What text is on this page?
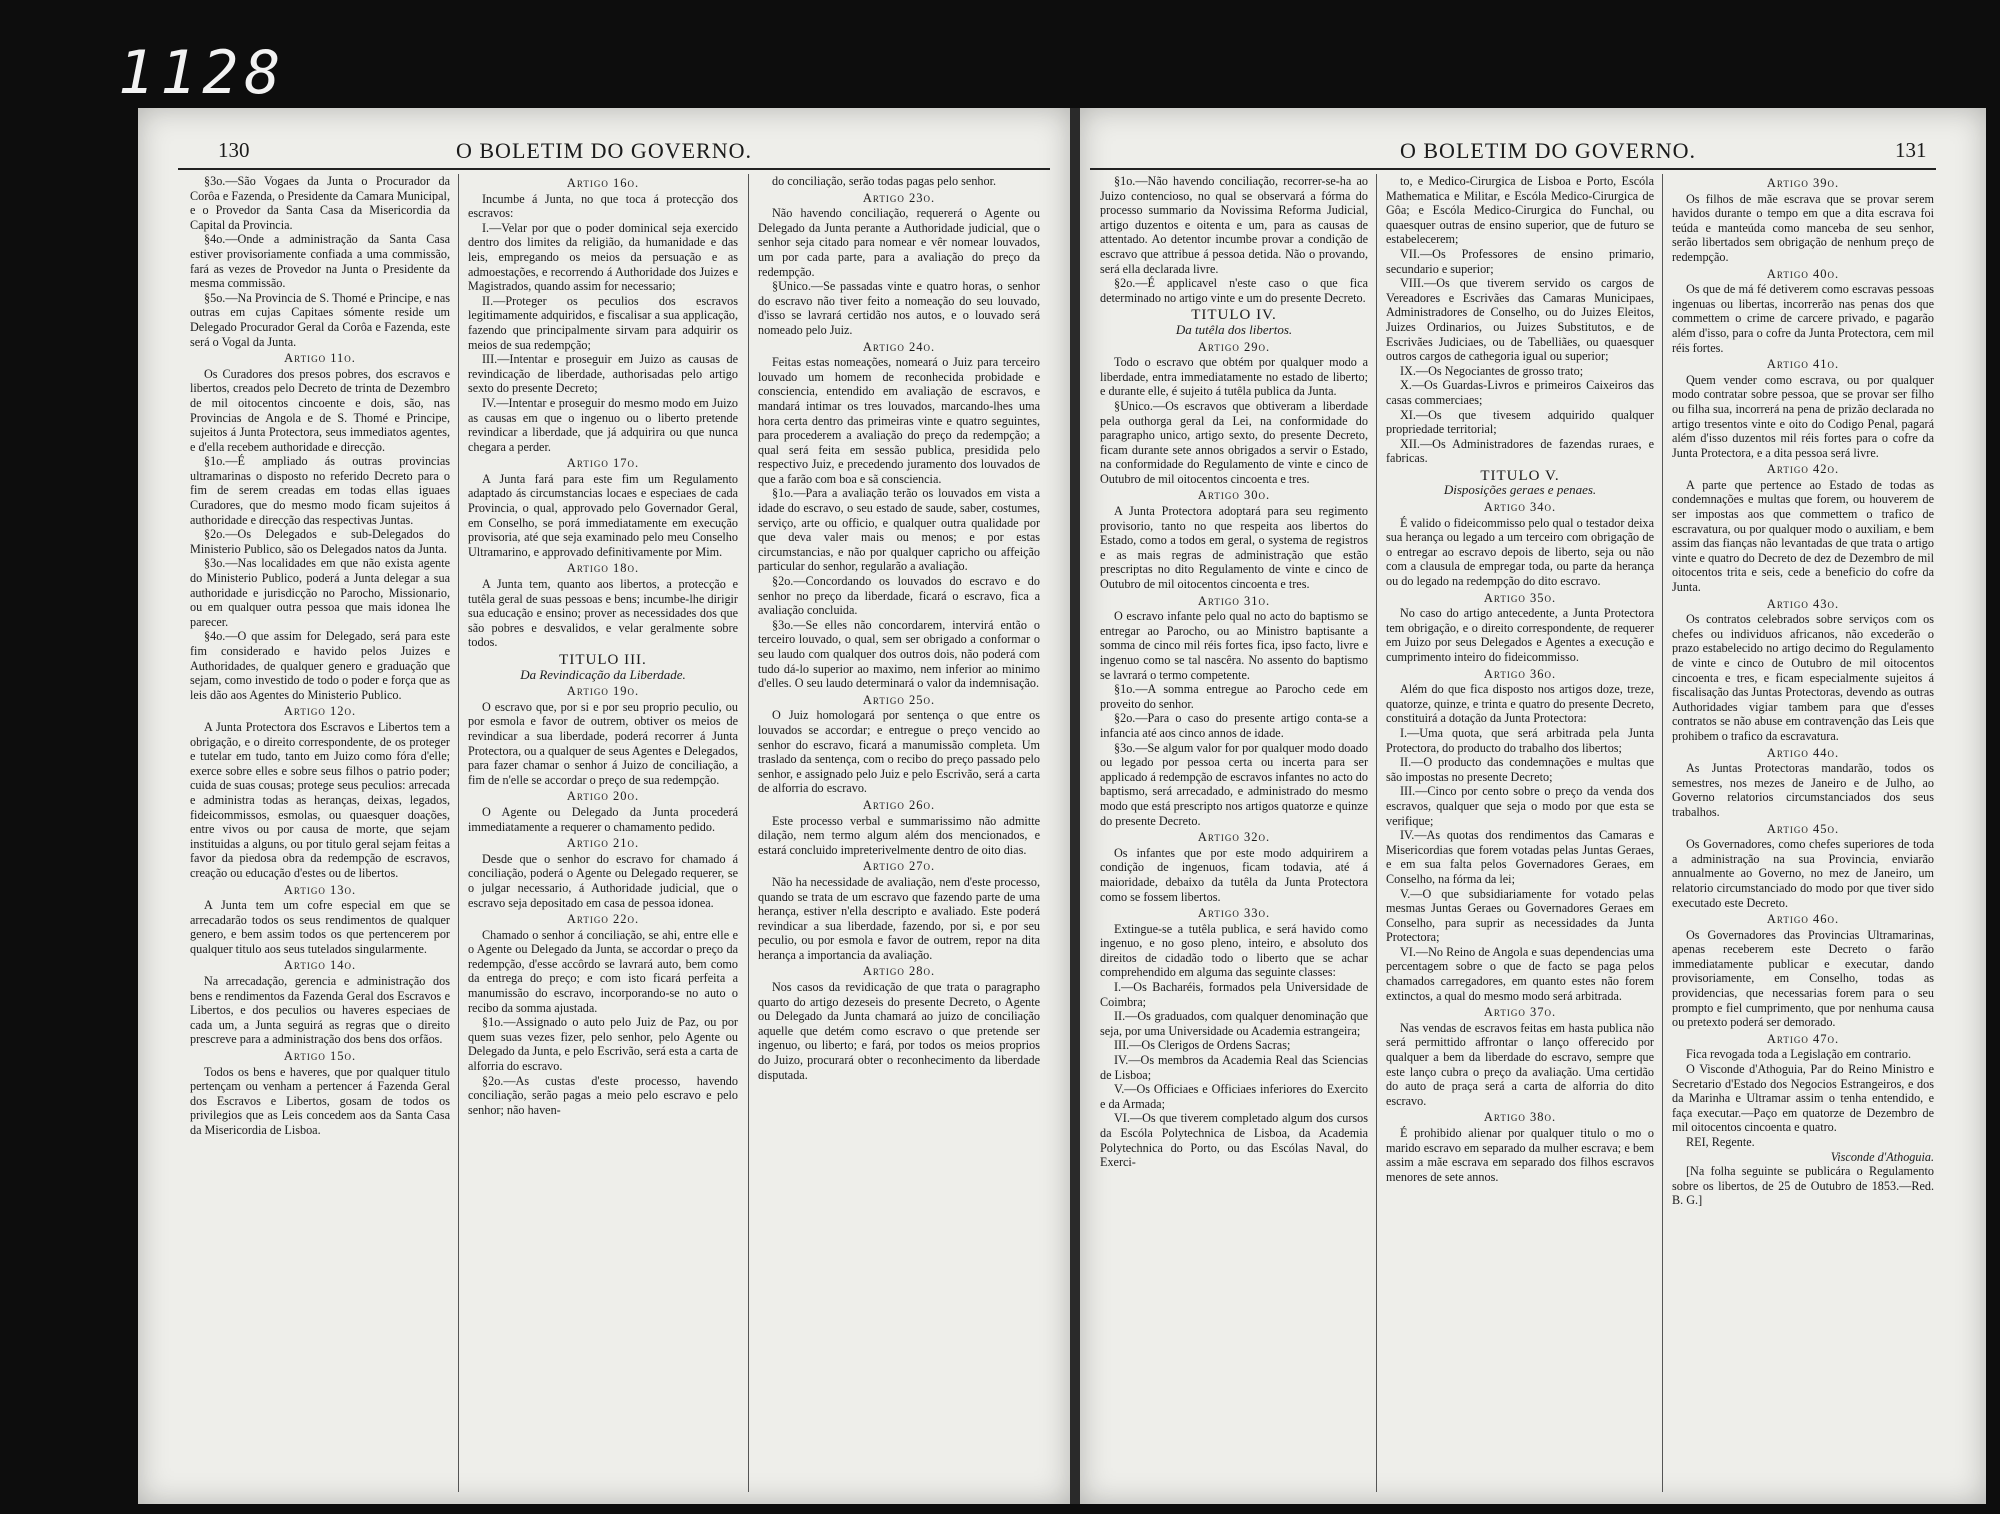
1128
130	O BOLETIM DO GOVERNO.

§3o.—São Vogaes da Junta o Procurador da Corôa e Fazenda, o Presidente da Camara Municipal, e o Provedor da Santa Casa da Misericordia da Capital da Provincia.

§4o.—Onde a administração da Santa Casa estiver provisoriamente confiada a uma commissão, fará as vezes de Provedor na Junta o Presidente da mesma commissão.

§5o.—Na Provincia de S. Thomé e Principe, e nas outras em cujas Capitaes sómente reside um Delegado Procurador Geral da Corôa e Fazenda, este será o Vogal da Junta.

Artigo 11o.

Os Curadores dos presos pobres, dos escravos e libertos, creados pelo Decreto de trinta de Dezembro de mil oitocentos cincoente e dois, são, nas Provincias de Angola e de S. Thomé e Principe, sujeitos á Junta Protectora, seus immediatos agentes, e d'ella recebem authoridade e direcção.

§1o.—É ampliado ás outras provincias ultramarinas o disposto no referido Decreto para o fim de serem creadas em todas ellas iguaes Curadores, que do mesmo modo ficam sujeitos á authoridade e direcção das respectivas Juntas.

§2o.—Os Delegados e sub-Delegados do Ministerio Publico, são os Delegados natos da Junta.

§3o.—Nas localidades em que não exista agente do Ministerio Publico, poderá a Junta delegar a sua authoridade e jurisdicção no Parocho, Missionario, ou em qualquer outra pessoa que mais idonea lhe parecer.

§4o.—O que assim for Delegado, será para este fim considerado e havido pelos Juizes e Authoridades, de qualquer genero e graduação que sejam, como investido de todo o poder e força que as leis dão aos Agentes do Ministerio Publico.

Artigo 12o.

A Junta Protectora dos Escravos e Libertos tem a obrigação, e o direito correspondente, de os proteger e tutelar em tudo, tanto em Juizo como fóra d'elle; exerce sobre elles e sobre seus filhos o patrio poder; cuida de suas cousas; protege seus peculios: arrecada e administra todas as heranças, deixas, legados, fideicommissos, esmolas, ou quaesquer doações, entre vivos ou por causa de morte, que sejam instituidas a alguns, ou por titulo geral sejam feitas a favor da piedosa obra da redempção de escravos, creação ou educação d'estes ou de libertos.

Artigo 13o.

A Junta tem um cofre especial em que se arrecadarão todos os seus rendimentos de qualquer genero, e bem assim todos os que pertencerem por qualquer titulo aos seus tutelados singularmente.

Artigo 14o.

Na arrecadação, gerencia e administração dos bens e rendimentos da Fazenda Geral dos Escravos e Libertos, e dos peculios ou haveres especiaes de cada um, a Junta seguirá as regras que o direito prescreve para a administração dos bens dos orfãos.

Artigo 15o.

Todos os bens e haveres, que por qualquer titulo pertençam ou venham a pertencer á Fazenda Geral dos Escravos e Libertos, gosam de todos os privilegios que as Leis concedem aos da Santa Casa da Misericordia de Lisboa.

Artigo 16o.

Incumbe á Junta, no que toca á protecção dos escravos:

I.—Velar por que o poder dominical seja exercido dentro dos limites da religião, da humanidade e das leis, empregando os meios da persuação e as admoestações, e recorrendo á Authoridade dos Juizes e Magistrados, quando assim for necessario;

II.—Proteger os peculios dos escravos legitimamente adquiridos, e fiscalisar a sua applicação, fazendo que principalmente sirvam para adquirir os meios de sua redempção;

III.—Intentar e proseguir em Juizo as causas de revindicação de liberdade, authorisadas pelo artigo sexto do presente Decreto;

IV.—Intentar e proseguir do mesmo modo em Juizo as causas em que o ingenuo ou o liberto pretende revindicar a liberdade, que já adquirira ou que nunca chegara a perder.

Artigo 17o.

A Junta fará para este fim um Regulamento adaptado ás circumstancias locaes e especiaes de cada Provincia, o qual, approvado pelo Governador Geral, em Conselho, se porá immediatamente em execução provisoria, até que seja examinado pelo meu Conselho Ultramarino, e approvado definitivamente por Mim.

Artigo 18o.

A Junta tem, quanto aos libertos, a protecção e tutêla geral de suas pessoas e bens; incumbe-lhe dirigir sua educação e ensino; prover as necessidades dos que são pobres e desvalidos, e velar geralmente sobre todos.

TITULO III.

Da Revindicação da Liberdade.

Artigo 19o.

O escravo que, por si e por seu proprio peculio, ou por esmola e favor de outrem, obtiver os meios de revindicar a sua liberdade, poderá recorrer á Junta Protectora, ou a qualquer de seus Agentes e Delegados, para fazer chamar o senhor á Juizo de conciliação, a fim de n'elle se accordar o preço de sua redempção.

Artigo 20o.

O Agente ou Delegado da Junta procederá immediatamente a requerer o chamamento pedido.

Artigo 21o.

Desde que o senhor do escravo for chamado á conciliação, poderá o Agente ou Delegado requerer, se o julgar necessario, á Authoridade judicial, que o escravo seja depositado em casa de pessoa idonea.

Artigo 22o.

Chamado o senhor á conciliação, se ahi, entre elle e o Agente ou Delegado da Junta, se accordar o preço da redempção, d'esse accôrdo se lavrará auto, bem como da entrega do preço; e com isto ficará perfeita a manumissão do escravo, incorporando-se no auto o recibo da somma ajustada.

§1o.—Assignado o auto pelo Juiz de Paz, ou por quem suas vezes fizer, pelo senhor, pelo Agente ou Delegado da Junta, e pelo Escrivão, será esta a carta de alforria do escravo.

§2o.—As custas d'este processo, havendo conciliação, serão pagas a meio pelo escravo e pelo senhor; não haven-

do conciliação, serão todas pagas pelo senhor.

Artigo 23o.

Não havendo conciliação, requererá o Agente ou Delegado da Junta perante a Authoridade judicial, que o senhor seja citado para nomear e vêr nomear louvados, um por cada parte, para a avaliação do preço da redempção.

§Unico.—Se passadas vinte e quatro horas, o senhor do escravo não tiver feito a nomeação do seu louvado, d'isso se lavrará certidão nos autos, e o louvado será nomeado pelo Juiz.

Artigo 24o.

Feitas estas nomeações, nomeará o Juiz para terceiro louvado um homem de reconhecida probidade e consciencia, entendido em avaliação de escravos, e mandará intimar os tres louvados, marcando-lhes uma hora certa dentro das primeiras vinte e quatro seguintes, para procederem a avaliação do preço da redempção; a qual será feita em sessão publica, presidida pelo respectivo Juiz, e precedendo juramento dos louvados de que a farão com boa e sã consciencia.

§1o.—Para a avaliação terão os louvados em vista a idade do escravo, o seu estado de saude, saber, costumes, serviço, arte ou officio, e qualquer outra qualidade por que deva valer mais ou menos; e por estas circumstancias, e não por qualquer capricho ou affeição particular do senhor, regularão a avaliação.

§2o.—Concordando os louvados do escravo e do senhor no preço da liberdade, ficará o escravo, fica a avaliação concluida.

§3o.—Se elles não concordarem, intervirá então o terceiro louvado, o qual, sem ser obrigado a conformar o seu laudo com qualquer dos outros dois, não poderá com tudo dá-lo superior ao maximo, nem inferior ao minimo d'elles. O seu laudo determinará o valor da indemnisação.

Artigo 25o.

O Juiz homologará por sentença o que entre os louvados se accordar; e entregue o preço vencido ao senhor do escravo, ficará a manumissão completa. Um traslado da sentença, com o recibo do preço passado pelo senhor, e assignado pelo Juiz e pelo Escrivão, será a carta de alforria do escravo.

Artigo 26o.

Este processo verbal e summarissimo não admitte dilação, nem termo algum além dos mencionados, e estará concluido impreterivelmente dentro de oito dias.

Artigo 27o.

Não ha necessidade de avaliação, nem d'este processo, quando se trata de um escravo que fazendo parte de uma herança, estiver n'ella descripto e avaliado. Este poderá revindicar a sua liberdade, fazendo, por si, e por seu peculio, ou por esmola e favor de outrem, repor na dita herança a importancia da avaliação.

Artigo 28o.

Nos casos da revidicação de que trata o paragrapho quarto do artigo dezeseis do presente Decreto, o Agente ou Delegado da Junta chamará ao juizo de conciliação aquelle que detém como escravo o que pretende ser ingenuo, ou liberto; e fará, por todos os meios proprios do Juizo, procurará obter o reconhecimento da liberdade disputada.

O BOLETIM DO GOVERNO.	131

§1o.—Não havendo conciliação, recorrer-se-ha ao Juizo contencioso, no qual se observará a fórma do processo summario da Novissima Reforma Judicial, artigo duzentos e oitenta e um, para as causas de attentado. Ao detentor incumbe provar a condição de escravo que attribue á pessoa detida. Não o provando, será ella declarada livre.

§2o.—É applicavel n'este caso o que fica determinado no artigo vinte e um do presente Decreto.

TITULO IV.

Da tutêla dos libertos.

Artigo 29o.

Todo o escravo que obtém por qualquer modo a liberdade, entra immediatamente no estado de liberto; e durante elle, é sujeito á tutêla publica da Junta.

§Unico.—Os escravos que obtiveram a liberdade pela outhorga geral da Lei, na conformidade do paragrapho unico, artigo sexto, do presente Decreto, ficam durante sete annos obrigados a servir o Estado, na conformidade do Regulamento de vinte e cinco de Outubro de mil oitocentos cincoenta e tres.

Artigo 30o.

A Junta Protectora adoptará para seu regimento provisorio, tanto no que respeita aos libertos do Estado, como a todos em geral, o systema de registros e as mais regras de administração que estão prescriptas no dito Regulamento de vinte e cinco de Outubro de mil oitocentos cincoenta e tres.

Artigo 31o.

O escravo infante pelo qual no acto do baptismo se entregar ao Parocho, ou ao Ministro baptisante a somma de cinco mil réis fortes fica, ipso facto, livre e ingenuo como se tal nascêra. No assento do baptismo se lavrará o termo competente.

§1o.—A somma entregue ao Parocho cede em proveito do senhor.

§2o.—Para o caso do presente artigo conta-se a infancia até aos cinco annos de idade.

§3o.—Se algum valor for por qualquer modo doado ou legado por pessoa certa ou incerta para ser applicado á redempção de escravos infantes no acto do baptismo, será arrecadado, e administrado do mesmo modo que está prescripto nos artigos quatorze e quinze do presente Decreto.

Artigo 32o.

Os infantes que por este modo adquirirem a condição de ingenuos, ficam todavia, até á maioridade, debaixo da tutêla da Junta Protectora como se fossem libertos.

Artigo 33o.

Extingue-se a tutêla publica, e será havido como ingenuo, e no goso pleno, inteiro, e absoluto dos direitos de cidadão todo o liberto que se achar comprehendido em alguma das seguinte classes:

I.—Os Bacharéis, formados pela Universidade de Coimbra;

II.—Os graduados, com qualquer denominação que seja, por uma Universidade ou Academia estrangeira;

III.—Os Clerigos de Ordens Sacras;

IV.—Os membros da Academia Real das Sciencias de Lisboa;

V.—Os Officiaes e Officiaes inferiores do Exercito e da Armada;

VI.—Os que tiverem completado algum dos cursos da Escóla Polytechnica de Lisboa, da Academia Polytechnica do Porto, ou das Escólas Naval, do Exerci-

to, e Medico-Cirurgica de Lisboa e Porto, Escóla Mathematica e Militar, e Escóla Medico-Cirurgica de Gôa; e Escóla Medico-Cirurgica do Funchal, ou quaesquer outras de ensino superior, que de futuro se estabelecerem;

VII.—Os Professores de ensino primario, secundario e superior;

VIII.—Os que tiverem servido os cargos de Vereadores e Escrivães das Camaras Municipaes, Administradores de Conselho, ou do Juizes Eleitos, Juizes Ordinarios, ou Juizes Substitutos, e de Escrivães Judiciaes, ou de Tabelliães, ou quaesquer outros cargos de cathegoria igual ou superior;

IX.—Os Negociantes de grosso trato;

X.—Os Guardas-Livros e primeiros Caixeiros das casas commerciaes;

XI.—Os que tivesem adquirido qualquer propriedade territorial;

XII.—Os Administradores de fazendas ruraes, e fabricas.

TITULO V.

Disposições geraes e penaes.

Artigo 34o.

É valido o fideicommisso pelo qual o testador deixa sua herança ou legado a um terceiro com obrigação de o entregar ao escravo depois de liberto, seja ou não com a clausula de empregar toda, ou parte da herança ou do legado na redempção do dito escravo.

Artigo 35o.

No caso do artigo antecedente, a Junta Protectora tem obrigação, e o direito correspondente, de requerer em Juizo por seus Delegados e Agentes a execução e cumprimento inteiro do fideicommisso.

Artigo 36o.

Além do que fica disposto nos artigos doze, treze, quatorze, quinze, e trinta e quatro do presente Decreto, constituirá a dotação da Junta Protectora:

I.—Uma quota, que será arbitrada pela Junta Protectora, do producto do trabalho dos libertos;

II.—O producto das condemnações e multas que são impostas no presente Decreto;

III.—Cinco por cento sobre o preço da venda dos escravos, qualquer que seja o modo por que esta se verifique;

IV.—As quotas dos rendimentos das Camaras e Misericordias que forem votadas pelas Juntas Geraes, e em sua falta pelos Governadores Geraes, em Conselho, na fórma da lei;

V.—O que subsidiariamente for votado pelas mesmas Juntas Geraes ou Governadores Geraes em Conselho, para suprir as necessidades da Junta Protectora;

VI.—No Reino de Angola e suas dependencias uma percentagem sobre o que de facto se paga pelos chamados carregadores, em quanto estes não forem extinctos, a qual do mesmo modo será arbitrada.

Artigo 37o.

Nas vendas de escravos feitas em hasta publica não será permittido affrontar o lanço offerecido por qualquer a bem da liberdade do escravo, sempre que este lanço cubra o preço da avaliação. Uma certidão do auto de praça será a carta de alforria do dito escravo.

Artigo 38o.

É prohibido alienar por qualquer titulo o mo o marido escravo em separado da mulher escrava; e bem assim a mãe escrava em separado dos filhos escravos menores de sete annos.

Artigo 39o.

Os filhos de mãe escrava que se provar serem havidos durante o tempo em que a dita escrava foi teúda e manteúda como manceba de seu senhor, serão libertados sem obrigação de nenhum preço de redempção.

Artigo 40o.

Os que de má fé detiverem como escravas pessoas ingenuas ou libertas, incorrerão nas penas dos que commettem o crime de carcere privado, e pagarão além d'isso, para o cofre da Junta Protectora, cem mil réis fortes.

Artigo 41o.

Quem vender como escrava, ou por qualquer modo contratar sobre pessoa, que se provar ser filho ou filha sua, incorrerá na pena de prizão declarada no artigo tresentos vinte e oito do Codigo Penal, pagará além d'isso duzentos mil réis fortes para o cofre da Junta Protectora, e a dita pessoa será livre.

Artigo 42o.

A parte que pertence ao Estado de todas as condemnações e multas que forem, ou houverem de ser impostas aos que commettem o trafico de escravatura, ou por qualquer modo o auxiliam, e bem assim das fianças não levantadas de que trata o artigo vinte e quatro do Decreto de dez de Dezembro de mil oitocentos trita e seis, cede a beneficio do cofre da Junta.

Artigo 43o.

Os contratos celebrados sobre serviços com os chefes ou individuos africanos, não excederão o prazo estabelecido no artigo decimo do Regulamento de vinte e cinco de Outubro de mil oitocentos cincoenta e tres, e ficam especialmente sujeitos á fiscalisação das Juntas Protectoras, devendo as outras Authoridades vigiar tambem para que d'esses contratos se não abuse em contravenção das Leis que prohibem o trafico da escravatura.

Artigo 44o.

As Juntas Protectoras mandarão, todos os semestres, nos mezes de Janeiro e de Julho, ao Governo relatorios circumstanciados dos seus trabalhos.

Artigo 45o.

Os Governadores, como chefes superiores de toda a administração na sua Provincia, enviarão annualmente ao Governo, no mez de Janeiro, um relatorio circumstanciado do modo por que tiver sido executado este Decreto.

Artigo 46o.

Os Governadores das Provincias Ultramarinas, apenas receberem este Decreto o farão immediatamente publicar e executar, dando provisoriamente, em Conselho, todas as providencias, que necessarias forem para o seu prompto e fiel cumprimento, que por nenhuma causa ou pretexto poderá ser demorado.

Artigo 47o.

Fica revogada toda a Legislação em contrario.

O Visconde d'Athoguia, Par do Reino Ministro e Secretario d'Estado dos Negocios Estrangeiros, e dos da Marinha e Ultramar assim o tenha entendido, e faça executar.—Paço em quatorze de Dezembro de mil oitocentos cincoenta e quatro.

REI, Regente.

Visconde d'Athoguia.

[Na folha seguinte se publicára o Regulamento sobre os libertos, de 25 de Outubro de 1853.—Red. B. G.]
